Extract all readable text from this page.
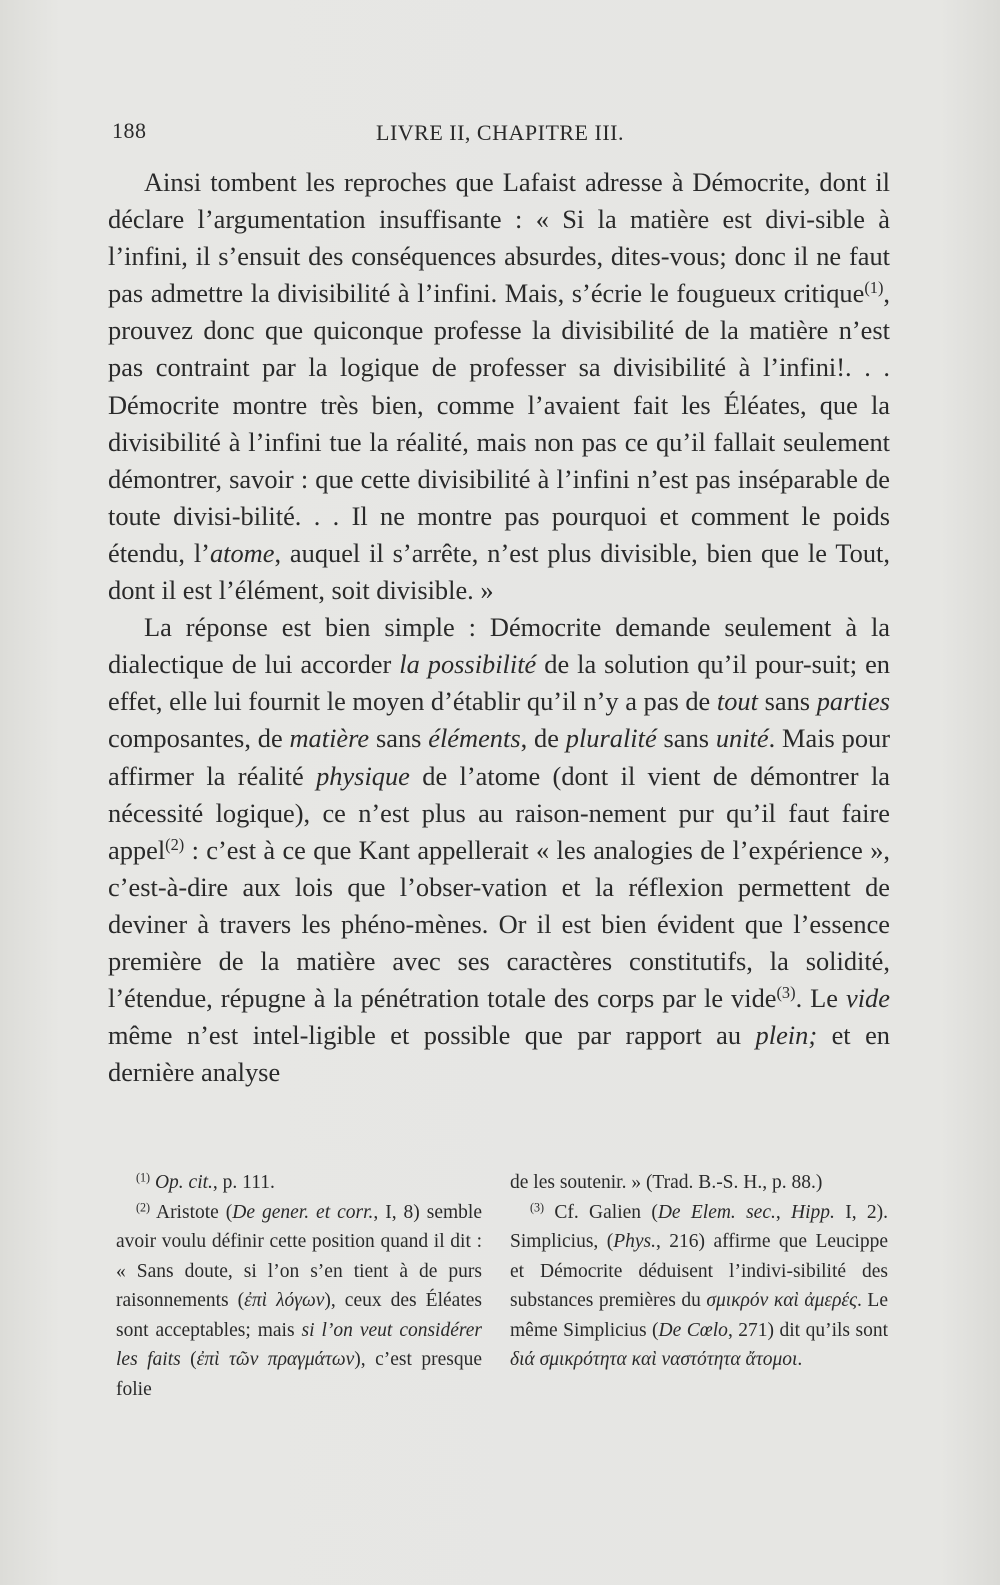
188	LIVRE II, CHAPITRE III.

Ainsi tombent les reproches que Lafaist adresse à Démocrite, dont il déclare l’argumentation insuffisante : « Si la matière est divi-sible à l’infini, il s’ensuit des conséquences absurdes, dites-vous; donc il ne faut pas admettre la divisibilité à l’infini. Mais, s’écrie le fougueux critique$^{(1)}$, prouvez donc que quiconque professe la divisibilité de la matière n’est pas contraint par la logique de professer sa divisibilité à l’infini!. . . Démocrite montre très bien, comme l’avaient fait les Éléates, que la divisibilité à l’infini tue la réalité, mais non pas ce qu’il fallait seulement démontrer, savoir : que cette divisibilité à l’infini n’est pas inséparable de toute divisi-bilité. . . Il ne montre pas pourquoi et comment le poids étendu, l’atome, auquel il s’arrête, n’est plus divisible, bien que le Tout, dont il est l’élément, soit divisible. »

La réponse est bien simple : Démocrite demande seulement à la dialectique de lui accorder la possibilité de la solution qu’il pour-suit; en effet, elle lui fournit le moyen d’établir qu’il n’y a pas de tout sans parties composantes, de matière sans éléments, de pluralité sans unité. Mais pour affirmer la réalité physique de l’atome (dont il vient de démontrer la nécessité logique), ce n’est plus au raison-nement pur qu’il faut faire appel$^{(2)}$ : c’est à ce que Kant appellerait « les analogies de l’expérience », c’est-à-dire aux lois que l’obser-vation et la réflexion permettent de deviner à travers les phéno-mènes. Or il est bien évident que l’essence première de la matière avec ses caractères constitutifs, la solidité, l’étendue, répugne à la pénétration totale des corps par le vide$^{(3)}$. Le vide même n’est intel-ligible et possible que par rapport au plein; et en dernière analyse

$^{(1)}$ Op. cit., p. 111.

$^{(2)}$ Aristote (De gener. et corr., I, 8) semble avoir voulu définir cette position quand il dit : « Sans doute, si l’on s’en tient à de purs raisonnements (ἐπὶ λόγων), ceux des Éléates sont acceptables; mais si l’on veut considérer les faits (ἐπὶ τῶν πραγμάτων), c’est presque folie

de les soutenir. » (Trad. B.-S. H., p. 88.)

$^{(3)}$ Cf. Galien (De Elem. sec., Hipp. I, 2). Simplicius, (Phys., 216) affirme que Leucippe et Démocrite déduisent l’indivi-sibilité des substances premières du σμικρόν καὶ ἀμερές. Le même Simplicius (De Cœlo, 271) dit qu’ils sont διά σμικρότητα καὶ ναστότητα ἄτομοι.
